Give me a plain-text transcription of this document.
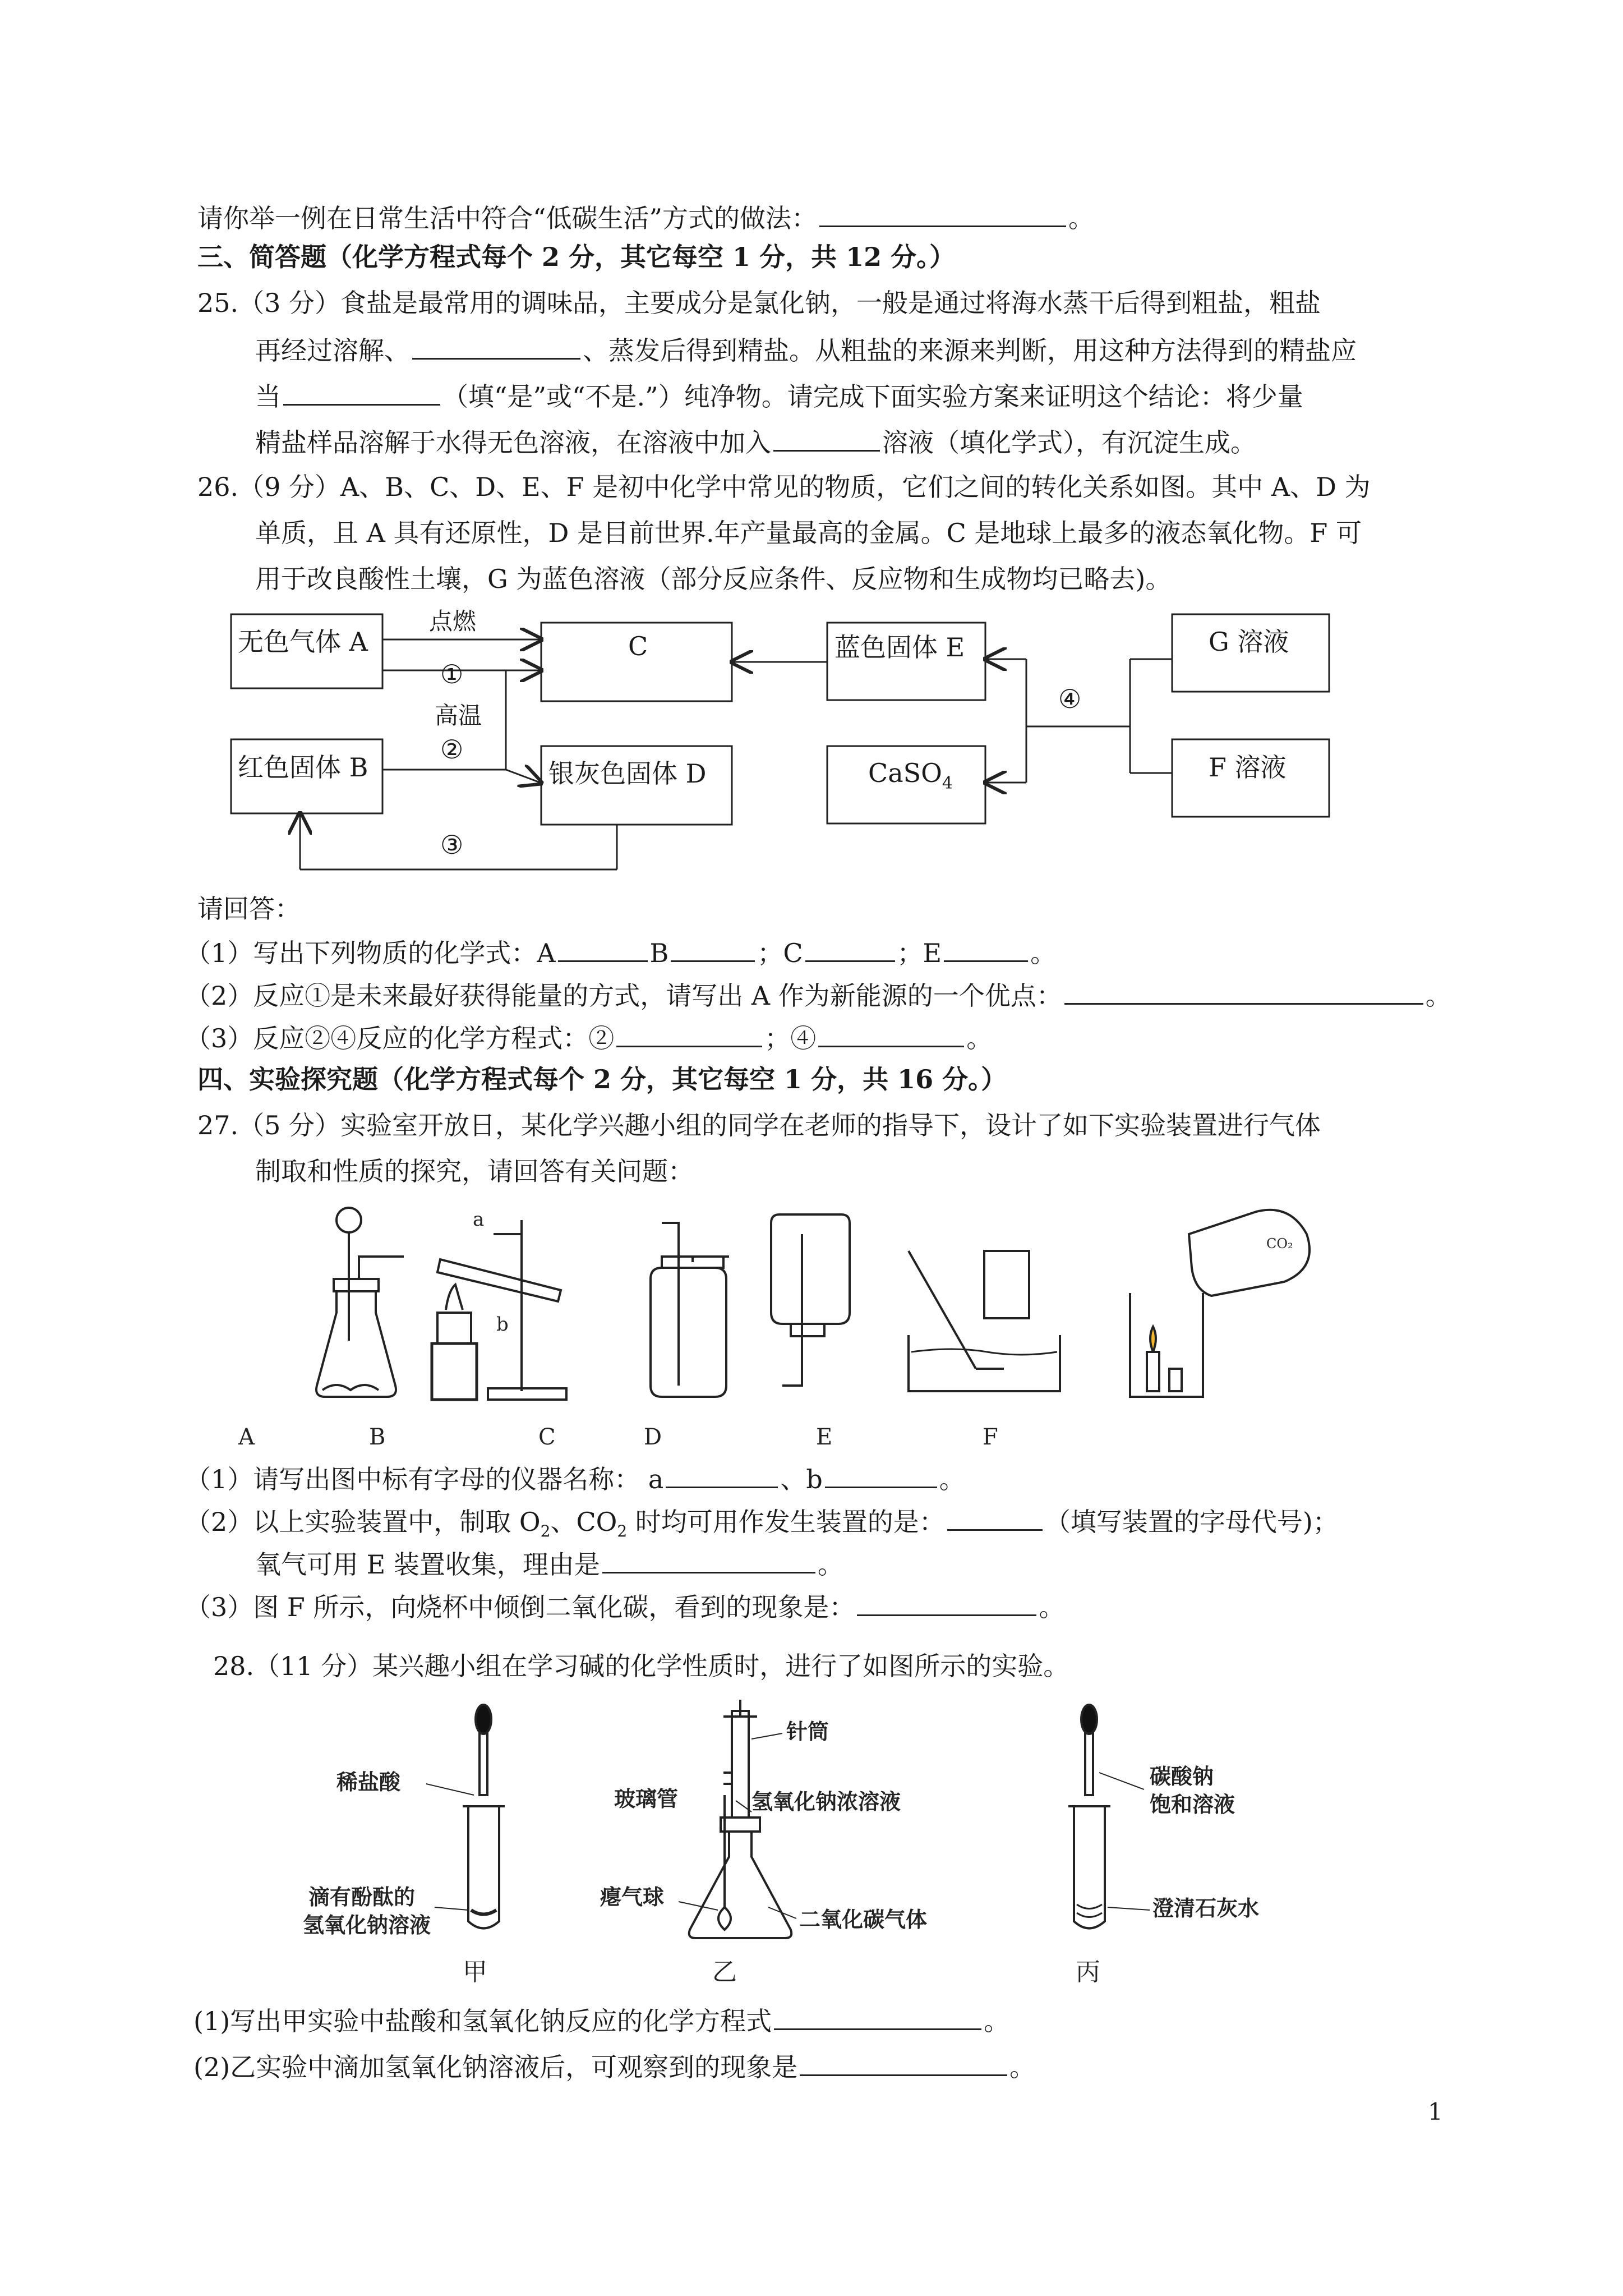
请你举一例在日常生活中符合“低碳生活”方式的做法：	。
三、简答题（化学方程式每个 2 分，其它每空 1 分，共 12 分。）
25.（3 分）食盐是最常用的调味品，主要成分是氯化钠，一般是通过将海水蒸干后得到粗盐，粗盐
再经过溶解、	、蒸发后得到精盐。从粗盐的来源来判断，用这种方法得到的精盐应
当	（填“是”或“不是.”）纯净物。请完成下面实验方案来证明这个结论：将少量
精盐样品溶解于水得无色溶液，在溶液中加入	溶液（填化学式），有沉淀生成。
26.（9 分）A、B、C、D、E、F 是初中化学中常见的物质，它们之间的转化关系如图。其中 A、D 为
单质，且 A 具有还原性，D 是目前世界.年产量最高的金属。C 是地球上最多的液态氧化物。F 可
用于改良酸性土壤，G 为蓝色溶液（部分反应条件、反应物和生成物均已略去)。
无色气体 A
红色固体 B
C
银灰色固体 D
蓝色固体 E
CaSO$_4$
G 溶液
F 溶液
点燃
①
高温
②
③
④
请回答：
（1）写出下列物质的化学式：A	B	；C	；E	。
（2）反应①是未来最好获得能量的方式，请写出 A 作为新能源的一个优点：	。
（3）反应②④反应的化学方程式：②	；④	。
四、实验探究题（化学方程式每个 2 分，其它每空 1 分，共 16 分。）
27.（5 分）实验室开放日，某化学兴趣小组的同学在老师的指导下，设计了如下实验装置进行气体
制取和性质的探究，请回答有关问题：
a
b
CO₂
A	B	C	D	E	F
（1）请写出图中标有字母的仪器名称： a	、b	。
（2）以上实验装置中，制取 $O_2$、$CO_2$ 时均可用作发生装置的是：	（填写装置的字母代号)；
氧气可用 E 装置收集，理由是	。
（3）图 F 所示，向烧杯中倾倒二氧化碳，看到的现象是：	。
28.（11 分）某兴趣小组在学习碱的化学性质时，进行了如图所示的实验。
稀盐酸
滴有酚酞的
氢氧化钠溶液
针筒
玻璃管	氢氧化钠浓溶液
瘪气球
二氧化碳气体
碳酸钠
饱和溶液
澄清石灰水
甲	乙	丙
(1)写出甲实验中盐酸和氢氧化钠反应的化学方程式	。
(2)乙实验中滴加氢氧化钠溶液后，可观察到的现象是	。
1
